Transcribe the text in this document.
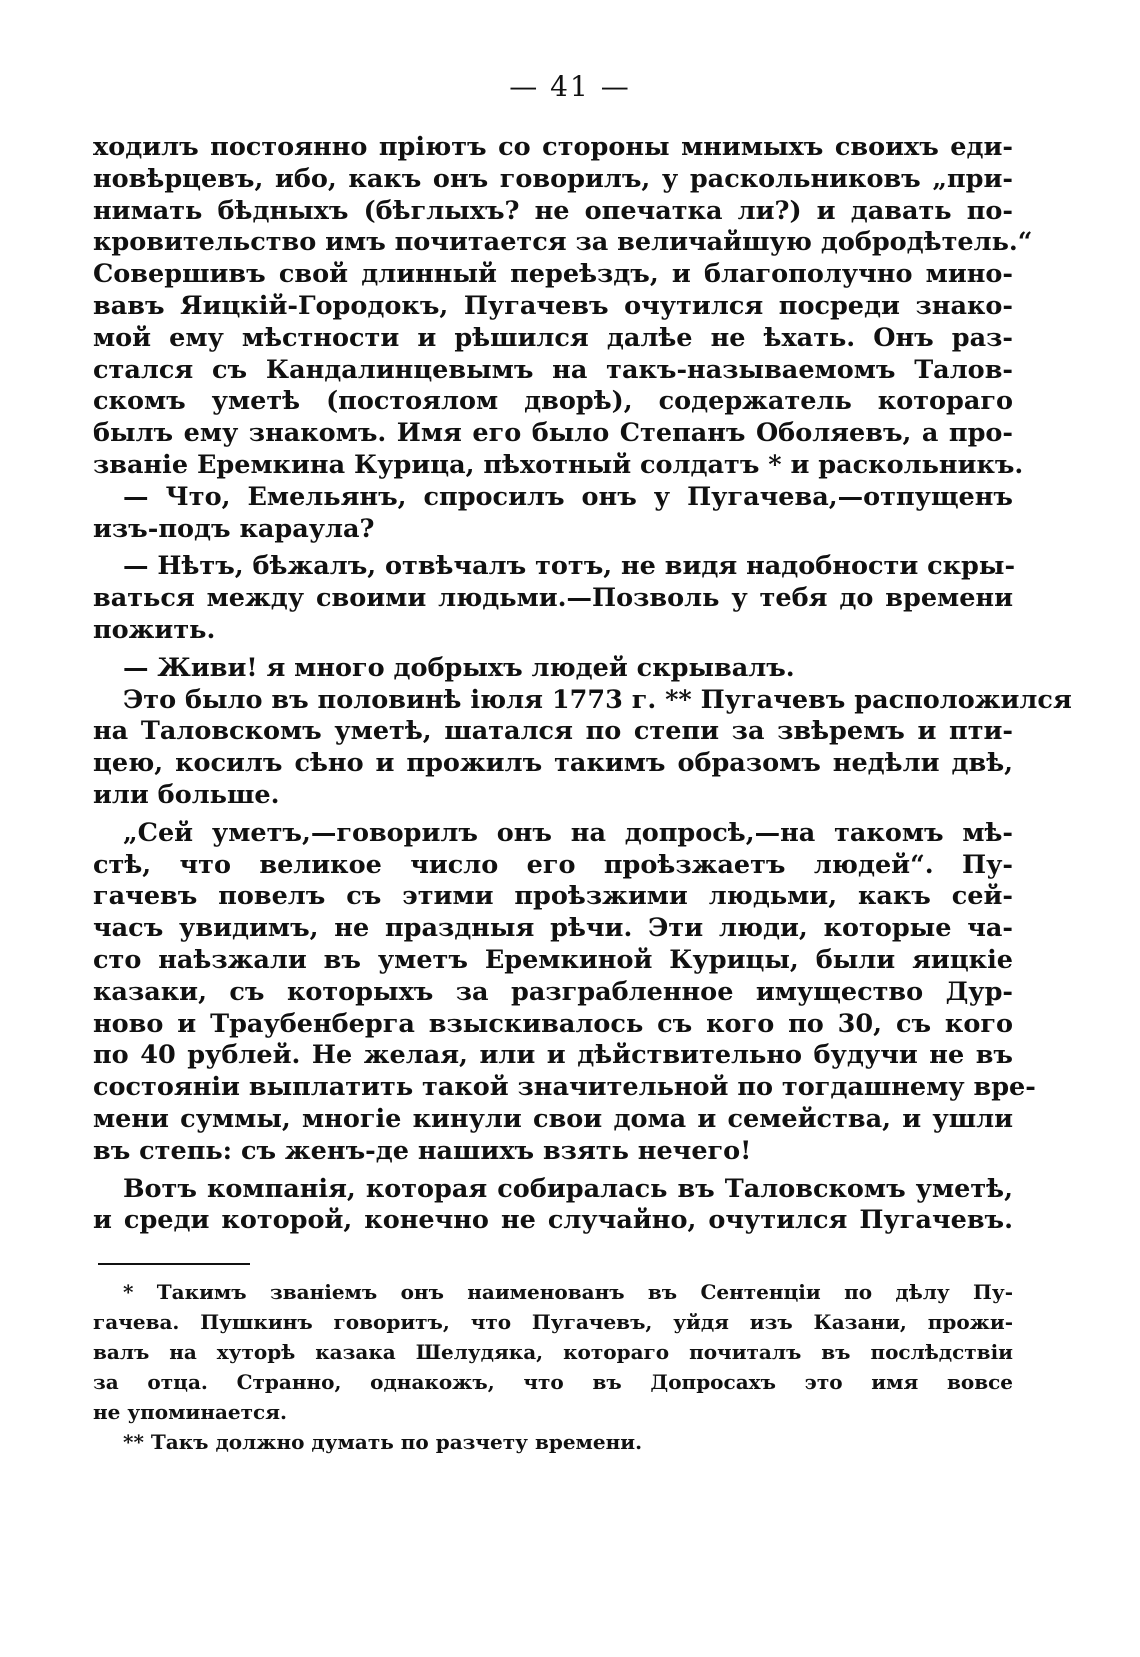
— 41 —
ходилъ постоянно пріютъ со стороны мнимыхъ своихъ еди-
новѣрцевъ, ибо, какъ онъ говорилъ, у раскольниковъ „при-
нимать бѣдныхъ (бѣглыхъ? не опечатка ли?) и давать по-
кровительство имъ почитается за величайшую добродѣтель.“
Совершивъ свой длинный переѣздъ, и благополучно мино-
вавъ Яицкій-Городокъ, Пугачевъ очутился посреди знако-
мой ему мѣстности и рѣшился далѣе не ѣхать. Онъ раз-
стался съ Кандалинцевымъ на такъ-называемомъ Талов-
скомъ уметѣ (постоялом дворѣ), содержатель котораго
былъ ему знакомъ. Имя его было Степанъ Оболяевъ, а про-
званіе Еремкина Курица, пѣхотный солдатъ * и раскольникъ.
— Что, Емельянъ, спросилъ онъ у Пугачева,—отпущенъ
изъ-подъ караула?
— Нѣтъ, бѣжалъ, отвѣчалъ тотъ, не видя надобности скры-
ваться между своими людьми.—Позволь у тебя до времени
пожить.
— Живи! я много добрыхъ людей скрывалъ.
Это было въ половинѣ іюля 1773 г. ** Пугачевъ расположился
на Таловскомъ уметѣ, шатался по степи за звѣремъ и пти-
цею, косилъ сѣно и прожилъ такимъ образомъ недѣли двѣ,
или больше.
„Сей уметъ,—говорилъ онъ на допросѣ,—на такомъ мѣ-
стѣ, что великое число его проѣзжаетъ людей“. Пу-
гачевъ повелъ съ этими проѣзжими людьми, какъ сей-
часъ увидимъ, не праздныя рѣчи. Эти люди, которые ча-
сто наѣзжали въ уметъ Еремкиной Курицы, были яицкіе
казаки, съ которыхъ за разграбленное имущество Дур-
ново и Траубенберга взыскивалось съ кого по 30, съ кого
по 40 рублей. Не желая, или и дѣйствительно будучи не въ
состояніи выплатить такой значительной по тогдашнему вре-
мени суммы, многіе кинули свои дома и семейства, и ушли
въ степь: съ женъ-де нашихъ взять нечего!
Вотъ компанія, которая собиралась въ Таловскомъ уметѣ,
и среди которой, конечно не случайно, очутился Пугачевъ.
* Такимъ званіемъ онъ наименованъ въ Сентенціи по дѣлу Пу-
гачева. Пушкинъ говоритъ, что Пугачевъ, уйдя изъ Казани, прожи-
валъ на хуторѣ казака Шелудяка, котораго почиталъ въ послѣдствіи
за отца. Странно, однакожъ, что въ Допросахъ это имя вовсе
не упоминается.
** Такъ должно думать по разчету времени.
